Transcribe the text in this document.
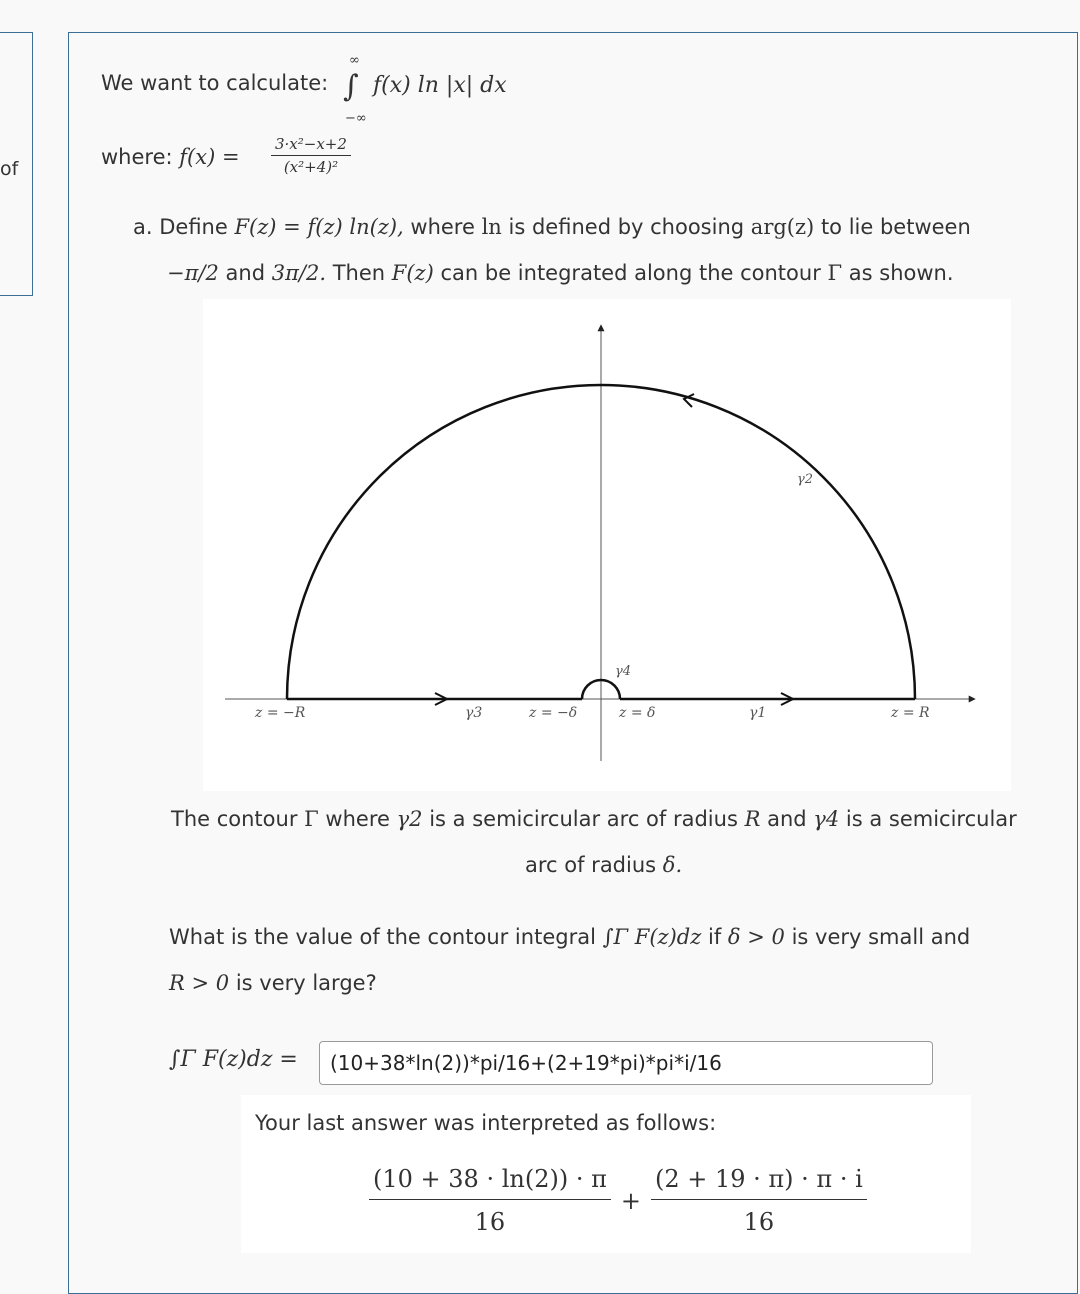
of
We want to calculate:
∞
∫ f(x) ln |x| dx
−∞
where: $f(x) = \frac{\text{3·x²−x+2}}{\text{(x²+4)²}}$
a. Define F(z) = f(z) ln(z), where ln is defined by choosing arg(z) to lie between
−π/2 and 3π/2. Then F(z) can be integrated along the contour Γ as shown.
z = −R	γ3	z = −δ	z = δ	γ1	z = R
γ4
γ2
The contour Γ where γ2 is a semicircular arc of radius R and γ4 is a semicircular
arc of radius δ.
What is the value of the contour integral ∫Γ F(z)dz if δ > 0 is very small and
R > 0 is very large?
∫Γ F(z)dz =	(10+38*ln(2))*pi/16+(2+19*pi)*pi*i/16
Your last answer was interpreted as follows:
$\frac{(10 + 38 \cdot \ln(2)) \cdot \pi}{16} + \frac{(2 + 19 \cdot \pi) \cdot \pi \cdot i}{16}$
